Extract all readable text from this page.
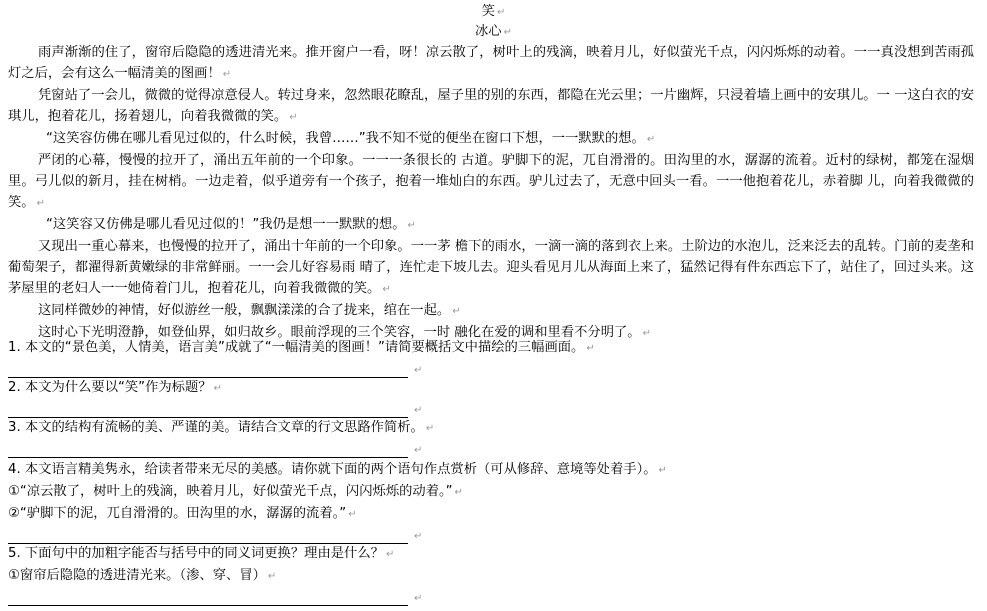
笑 ↵
冰心 ↵

雨声渐渐的住了，窗帘后隐隐的透进清光来。推开窗户一看，呀！凉云散了，树叶上的残滴，映着月儿，好似萤光千点，闪闪烁烁的动着。一一真没想到苦雨孤灯之后，会有这么一幅清美的图画！ ↵

凭窗站了一会儿，微微的觉得凉意侵人。转过身来，忽然眼花瞭乱，屋子里的别的东西，都隐在光云里；一片幽辉，只浸着墙上画中的安琪儿。一 一这白衣的安琪儿，抱着花儿，扬着翅儿，向着我微微的笑。 ↵

“这笑容仿佛在哪儿看见过似的，什么时候，我曾……”我不知不觉的便坐在窗口下想，一一默默的想。 ↵

严闭的心幕，慢慢的拉开了，涌出五年前的一个印象。一一一条很长的 古道。驴脚下的泥，兀自滑滑的。田沟里的水，潺潺的流着。近村的绿树，都笼在湿烟里。弓儿似的新月，挂在树梢。一边走着，似乎道旁有一个孩子，抱着一堆灿白的东西。驴儿过去了，无意中回头一看。一一他抱着花儿，赤着脚 儿，向着我微微的笑。 ↵

“这笑容又仿佛是哪儿看见过似的！”我仍是想一一默默的想。 ↵

又现出一重心幕来，也慢慢的拉开了，涌出十年前的一个印象。一一茅 檐下的雨水，一滴一滴的落到衣上来。土阶边的水泡儿，泛来泛去的乱转。门前的麦垄和葡萄架子，都濯得新黄嫩绿的非常鲜丽。一一会儿好容易雨 晴了，连忙走下坡儿去。迎头看见月儿从海面上来了，猛然记得有件东西忘下了，站住了，回过头来。这茅屋里的老妇人一一她倚着门儿，抱着花儿，向着我微微的笑。 ↵

这同样微妙的神情，好似游丝一般，飘飘漾漾的合了拢来，绾在一起。 ↵

这时心下光明澄静，如登仙界，如归故乡。眼前浮现的三个笑容，一时 融化在爱的调和里看不分明了。 ↵

1. 本文的“景色美，人情美，语言美”成就了“一幅清美的图画！”请简要概括文中描绘的三幅画面。 ↵

↵

2. 本文为什么要以“笑”作为标题？ ↵

↵

3. 本文的结构有流畅的美、严谨的美。请结合文章的行文思路作简析。 ↵

↵

4. 本文语言精美隽永，给读者带来无尽的美感。请你就下面的两个语句作点赏析（可从修辞、意境等处着手）。 ↵

①“凉云散了，树叶上的残滴，映着月儿，好似萤光千点，闪闪烁烁的动着。” ↵

②“驴脚下的泥，兀自滑滑的。田沟里的水，潺潺的流着。” ↵

↵

5. 下面句中的加粗字能否与括号中的同义词更换？理由是什么？ ↵

①窗帘后隐隐的透进清光来。（渗、穿、冒） ↵

↵
